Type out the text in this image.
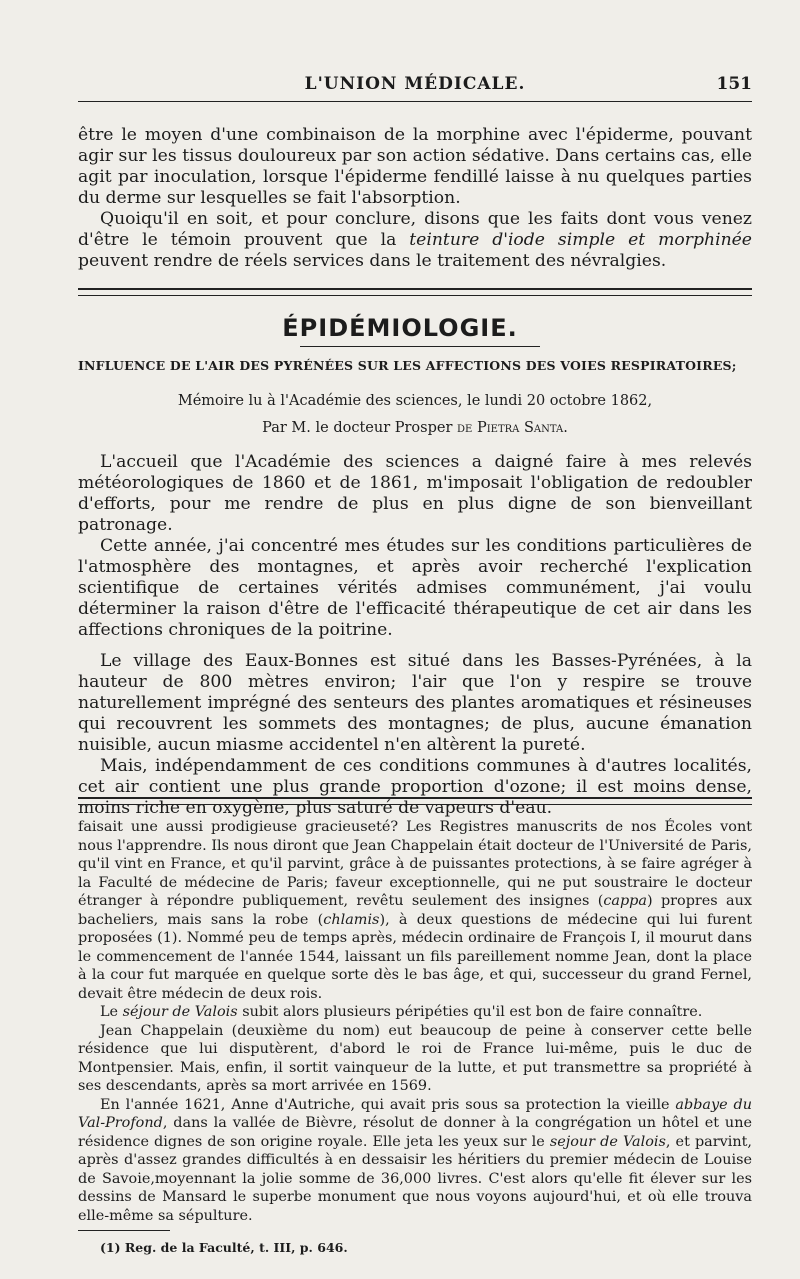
L'UNION MÉDICALE.	151

être le moyen d'une combinaison de la morphine avec l'épiderme, pouvant agir sur les tissus douloureux par son action sédative. Dans certains cas, elle agit par inoculation, lorsque l'épiderme fendillé laisse à nu quelques parties du derme sur lesquelles se fait l'absorption.

Quoiqu'il en soit, et pour conclure, disons que les faits dont vous venez d'être le témoin prouvent que la teinture d'iode simple et morphinée peuvent rendre de réels services dans le traitement des névralgies.

ÉPIDÉMIOLOGIE.
INFLUENCE DE L'AIR DES PYRÉNÉES SUR LES AFFECTIONS DES VOIES RESPIRATOIRES;
Mémoire lu à l'Académie des sciences, le lundi 20 octobre 1862,
Par M. le docteur Prosper de Pietra Santa.

L'accueil que l'Académie des sciences a daigné faire à mes relevés météorologiques de 1860 et de 1861, m'imposait l'obligation de redoubler d'efforts, pour me rendre de plus en plus digne de son bienveillant patronage.

Cette année, j'ai concentré mes études sur les conditions particulières de l'atmosphère des montagnes, et après avoir recherché l'explication scientifique de certaines vérités admises communément, j'ai voulu déterminer la raison d'être de l'efficacité thérapeutique de cet air dans les affections chroniques de la poitrine.

Le village des Eaux-Bonnes est situé dans les Basses-Pyrénées, à la hauteur de 800 mètres environ; l'air que l'on y respire se trouve naturellement imprégné des senteurs des plantes aromatiques et résineuses qui recouvrent les sommets des montagnes; de plus, aucune émanation nuisible, aucun miasme accidentel n'en altèrent la pureté.

Mais, indépendamment de ces conditions communes à d'autres localités, cet air contient une plus grande proportion d'ozone; il est moins dense, moins riche en oxygène, plus saturé de vapeurs d'eau.

faisait une aussi prodigieuse gracieuseté? Les Registres manuscrits de nos Écoles vont nous l'apprendre. Ils nous diront que Jean Chappelain était docteur de l'Université de Paris, qu'il vint en France, et qu'il parvint, grâce à de puissantes protections, à se faire agréger à la Faculté de médecine de Paris; faveur exceptionnelle, qui ne put soustraire le docteur étranger à répondre publiquement, revêtu seulement des insignes (cappa) propres aux bacheliers, mais sans la robe (chlamis), à deux questions de médecine qui lui furent proposées (1). Nommé peu de temps après, médecin ordinaire de François I, il mourut dans le commencement de l'année 1544, laissant un fils pareillement nomme Jean, dont la place à la cour fut marquée en quelque sorte dès le bas âge, et qui, successeur du grand Fernel, devait être médecin de deux rois.

Le séjour de Valois subit alors plusieurs péripéties qu'il est bon de faire connaître.

Jean Chappelain (deuxième du nom) eut beaucoup de peine à conserver cette belle résidence que lui disputèrent, d'abord le roi de France lui-même, puis le duc de Montpensier. Mais, enfin, il sortit vainqueur de la lutte, et put transmettre sa propriété à ses descendants, après sa mort arrivée en 1569.

En l'année 1621, Anne d'Autriche, qui avait pris sous sa protection la vieille abbaye du Val-Profond, dans la vallée de Bièvre, résolut de donner à la congrégation un hôtel et une résidence dignes de son origine royale. Elle jeta les yeux sur le sejour de Valois, et parvint, après d'assez grandes difficultés à en dessaisir les héritiers du premier médecin de Louise de Savoie,moyennant la jolie somme de 36,000 livres. C'est alors qu'elle fit élever sur les dessins de Mansard le superbe monument que nous voyons aujourd'hui, et où elle trouva elle-même sa sépulture.

(1) Reg. de la Faculté, t. III, p. 646.
